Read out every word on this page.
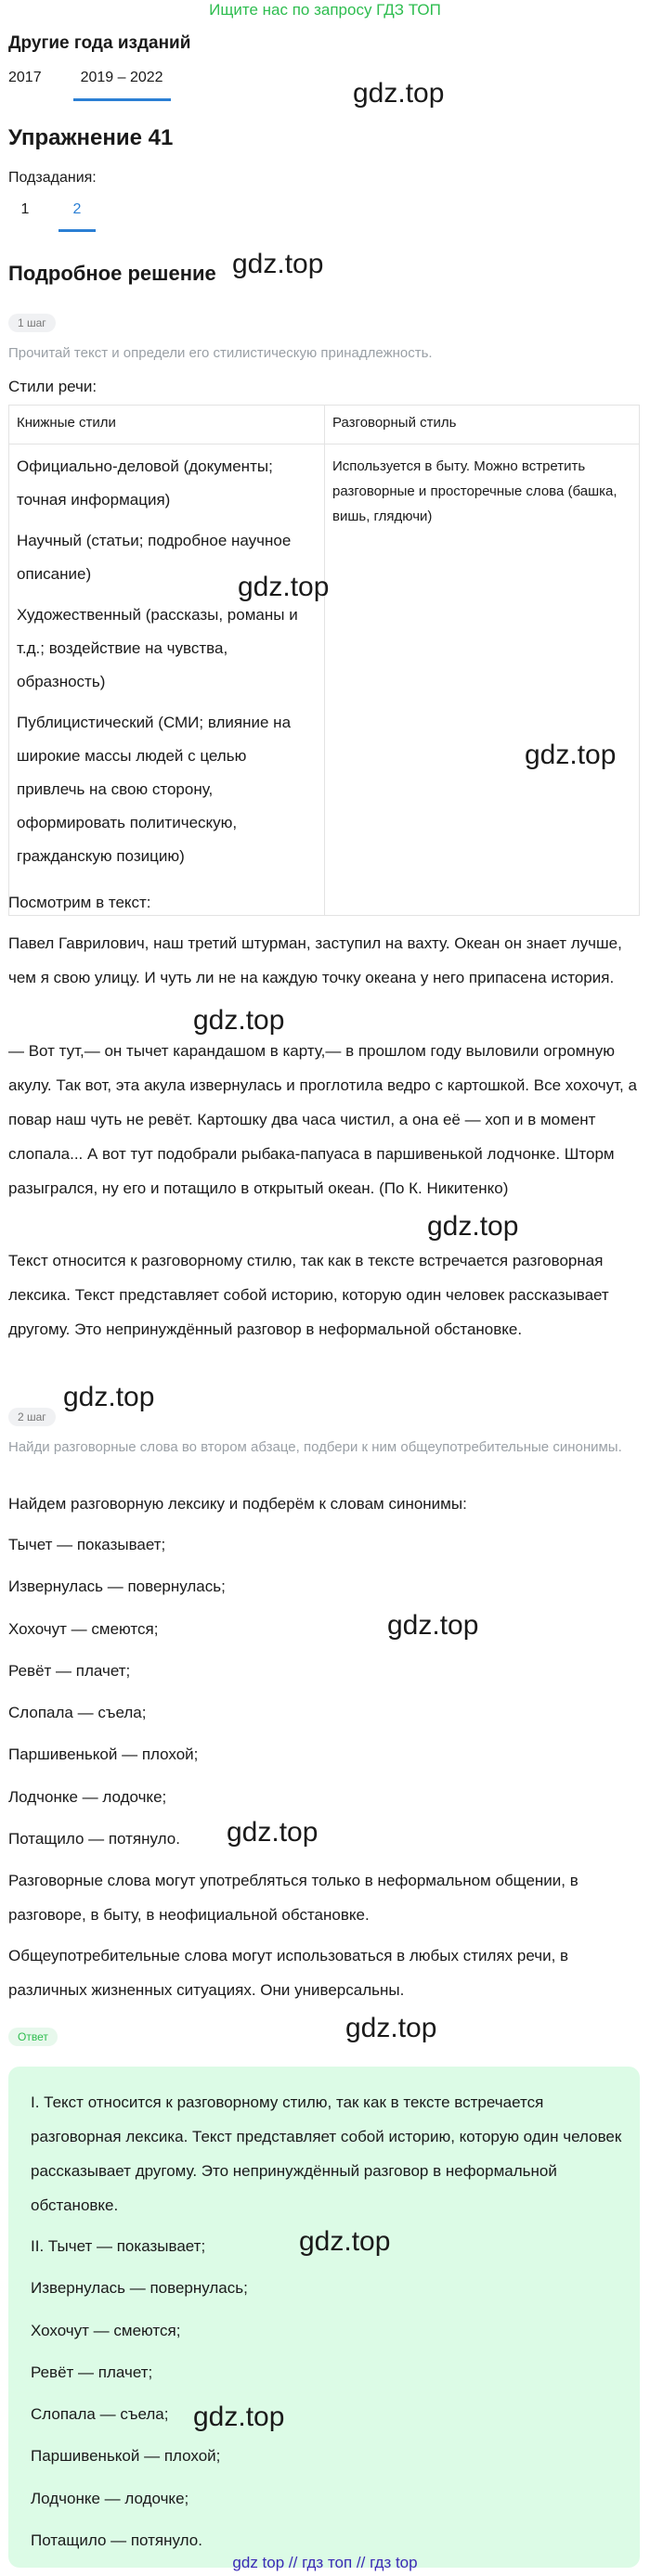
Ищите нас по запросу ГДЗ ТОП
Другие года изданий
2017	2019 – 2022
Упражнение 41
Подзадания:
1	2
Подробное решение
1 шаг
Прочитай текст и определи его стилистическую принадлежность.
Стили речи:
Книжные стили	Разговорный стиль

Официально-деловой (документы; точная информация)
Научный (статьи; подробное научное описание)
Художественный (рассказы, романы и т.д.; воздействие на чувства, образность)
Публицистический (СМИ; влияние на широкие массы людей с целью привлечь на свою сторону, оформировать политическую, гражданскую позицию)	Используется в быту. Можно встретить разговорные и просторечные слова (башка, вишь, глядючи)
Посмотрим в текст:
Павел Гаврилович, наш третий штурман, заступил на вахту. Океан он знает лучше, чем я свою улицу. И чуть ли не на каждую точку океана у него припасена история.
— Вот тут,— он тычет карандашом в карту,— в прошлом году выловили огромную акулу. Так вот, эта акула извернулась и проглотила ведро с картошкой. Все хохочут, а повар наш чуть не ревёт. Картошку два часа чистил, а она её — хоп и в момент слопала... А вот тут подобрали рыбака-папуаса в паршивенькой лодчонке. Шторм разыгрался, ну его и потащило в открытый океан. (По К. Никитенко)
Текст относится к разговорному стилю, так как в тексте встречается разговорная лексика. Текст представляет собой историю, которую один человек рассказывает другому. Это непринуждённый разговор в неформальной обстановке.
2 шаг
Найди разговорные слова во втором абзаце, подбери к ним общеупотребительные синонимы.
Найдем разговорную лексику и подберём к словам синонимы:
Тычет — показывает;
Извернулась — повернулась;
Хохочут — смеются;
Ревёт — плачет;
Слопала — съела;
Паршивенькой — плохой;
Лодчонке — лодочке;
Потащило — потянуло.
Разговорные слова могут употребляться только в неформальном общении, в разговоре, в быту, в неофициальной обстановке.
Общеупотребительные слова могут использоваться в любых стилях речи, в различных жизненных ситуациях. Они универсальны.
Ответ
I. Текст относится к разговорному стилю, так как в тексте встречается разговорная лексика. Текст представляет собой историю, которую один человек рассказывает другому. Это непринуждённый разговор в неформальной обстановке.
II. Тычет — показывает;
Извернулась — повернулась;
Хохочут — смеются;
Ревёт — плачет;
Слопала — съела;
Паршивенькой — плохой;
Лодчонке — лодочке;
Потащило — потянуло.
gdz.top
gdz.top
gdz.top
gdz.top
gdz.top
gdz.top
gdz.top
gdz.top
gdz.top
gdz.top
gdz.top
gdz.top
gdz top // гдз топ // гдз top
